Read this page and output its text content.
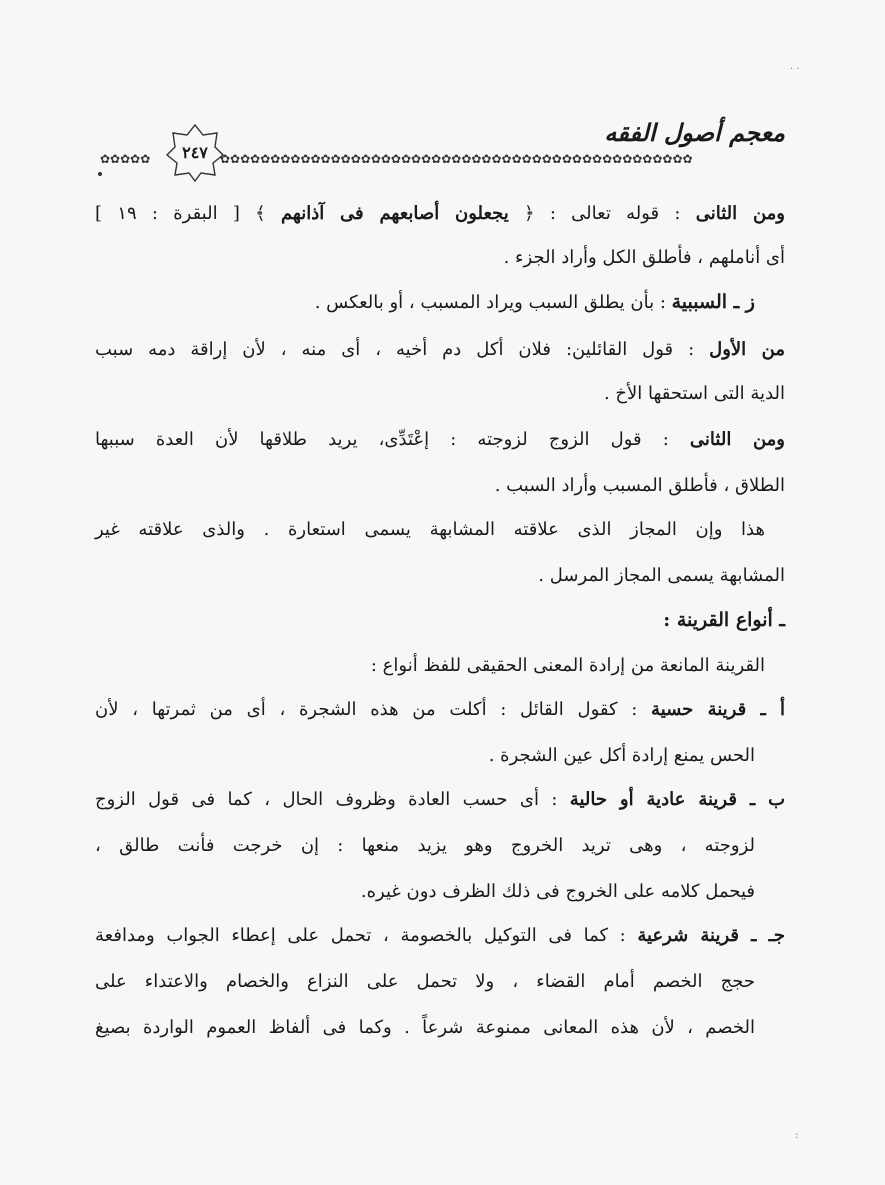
· ·
معجم أصول الفقه
✿✿✿✿✿	✿✿✿✿✿✿✿✿✿✿✿✿✿✿✿✿✿✿✿✿✿✿✿✿✿✿✿✿✿✿✿✿✿✿✿✿✿✿✿✿✿✿✿✿✿✿✿
٢٤٧
ومن الثانى : قوله تعالى : ﴿ يجعلون أصابعهم فى آذانهم ﴾ [ البقرة : ١٩ ]
أى أناملهم ، فأطلق الكل وأراد الجزء .
ز ـ السببية : بأن يطلق السبب ويراد المسبب ، أو بالعكس .
من الأول : قول القائلين: فلان أكل دم أخيه ، أى منه ، لأن إراقة دمه سبب
الدية التى استحقها الأخ .
ومن الثانى : قول الزوج لزوجته : إعْتَدِّى، يريد طلاقها لأن العدة سببها
الطلاق ، فأطلق المسبب وأراد السبب .
هذا وإن المجاز الذى علاقته المشابهة يسمى استعارة . والذى علاقته غير
المشابهة يسمى المجاز المرسل .
ـ أنواع القرينة :
القرينة المانعة من إرادة المعنى الحقيقى للفظ أنواع :
أ ـ قرينة حسية : كقول القائل : أكلت من هذه الشجرة ، أى من ثمرتها ، لأن
الحس يمنع إرادة أكل عين الشجرة .
ب ـ قرينة عادية أو حالية : أى حسب العادة وظروف الحال ، كما فى قول الزوج
لزوجته ، وهى تريد الخروج وهو يزيد منعها : إن خرجت فأنت طالق ،
فيحمل كلامه على الخروج فى ذلك الظرف دون غيره.
جـ ـ قرينة شرعية : كما فى التوكيل بالخصومة ، تحمل على إعطاء الجواب ومدافعة
حجج الخصم أمام القضاء ، ولا تحمل على النزاع والخصام والاعتداء على
الخصم ، لأن هذه المعانى ممنوعة شرعاً . وكما فى ألفاظ العموم الواردة بصيغ
:
